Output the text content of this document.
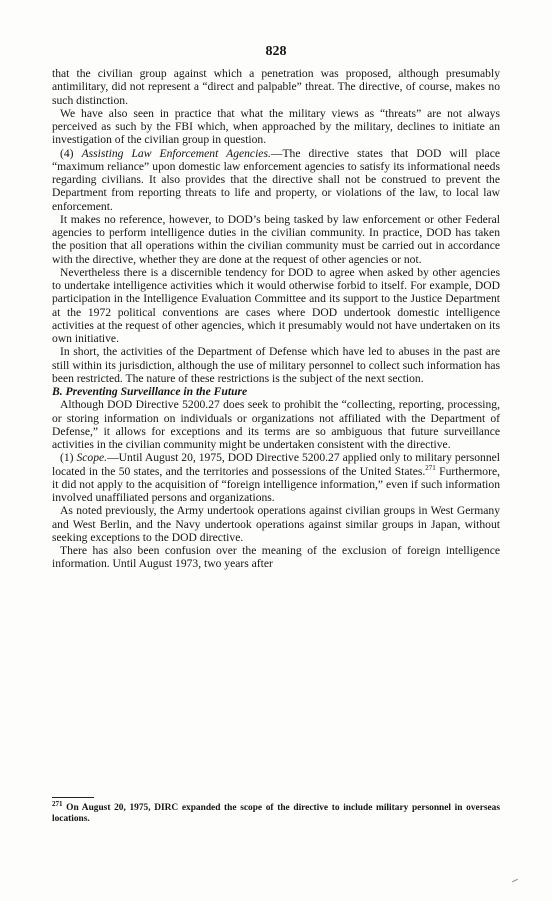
828

that the civilian group against which a penetration was proposed, although presumably antimilitary, did not represent a “direct and palpable” threat. The directive, of course, makes no such distinction.

We have also seen in practice that what the military views as “threats” are not always perceived as such by the FBI which, when approached by the military, declines to initiate an investigation of the civilian group in question.

(4) Assisting Law Enforcement Agencies.—The directive states that DOD will place “maximum reliance” upon domestic law enforcement agencies to satisfy its informational needs regarding civilians. It also provides that the directive shall not be construed to prevent the Department from reporting threats to life and property, or violations of the law, to local law enforcement.

It makes no reference, however, to DOD’s being tasked by law enforcement or other Federal agencies to perform intelligence duties in the civilian community. In practice, DOD has taken the position that all operations within the civilian community must be carried out in accordance with the directive, whether they are done at the request of other agencies or not.

Nevertheless there is a discernible tendency for DOD to agree when asked by other agencies to undertake intelligence activities which it would otherwise forbid to itself. For example, DOD participation in the Intelligence Evaluation Committee and its support to the Justice Department at the 1972 political conventions are cases where DOD undertook domestic intelligence activities at the request of other agencies, which it presumably would not have undertaken on its own initiative.

In short, the activities of the Department of Defense which have led to abuses in the past are still within its jurisdiction, although the use of military personnel to collect such information has been restricted. The nature of these restrictions is the subject of the next section.

B. Preventing Surveillance in the Future

Although DOD Directive 5200.27 does seek to prohibit the “collecting, reporting, processing, or storing information on individuals or organizations not affiliated with the Department of Defense,” it allows for exceptions and its terms are so ambiguous that future surveillance activities in the civilian community might be undertaken consistent with the directive.

(1) Scope.—Until August 20, 1975, DOD Directive 5200.27 applied only to military personnel located in the 50 states, and the territories and possessions of the United States.$^{271}$ Furthermore, it did not apply to the acquisition of “foreign intelligence information,” even if such information involved unaffiliated persons and organizations.

As noted previously, the Army undertook operations against civilian groups in West Germany and West Berlin, and the Navy undertook operations against similar groups in Japan, without seeking exceptions to the DOD directive.

There has also been confusion over the meaning of the exclusion of foreign intelligence information. Until August 1973, two years after

$^{271}$ On August 20, 1975, DIRC expanded the scope of the directive to include military personnel in overseas locations.
